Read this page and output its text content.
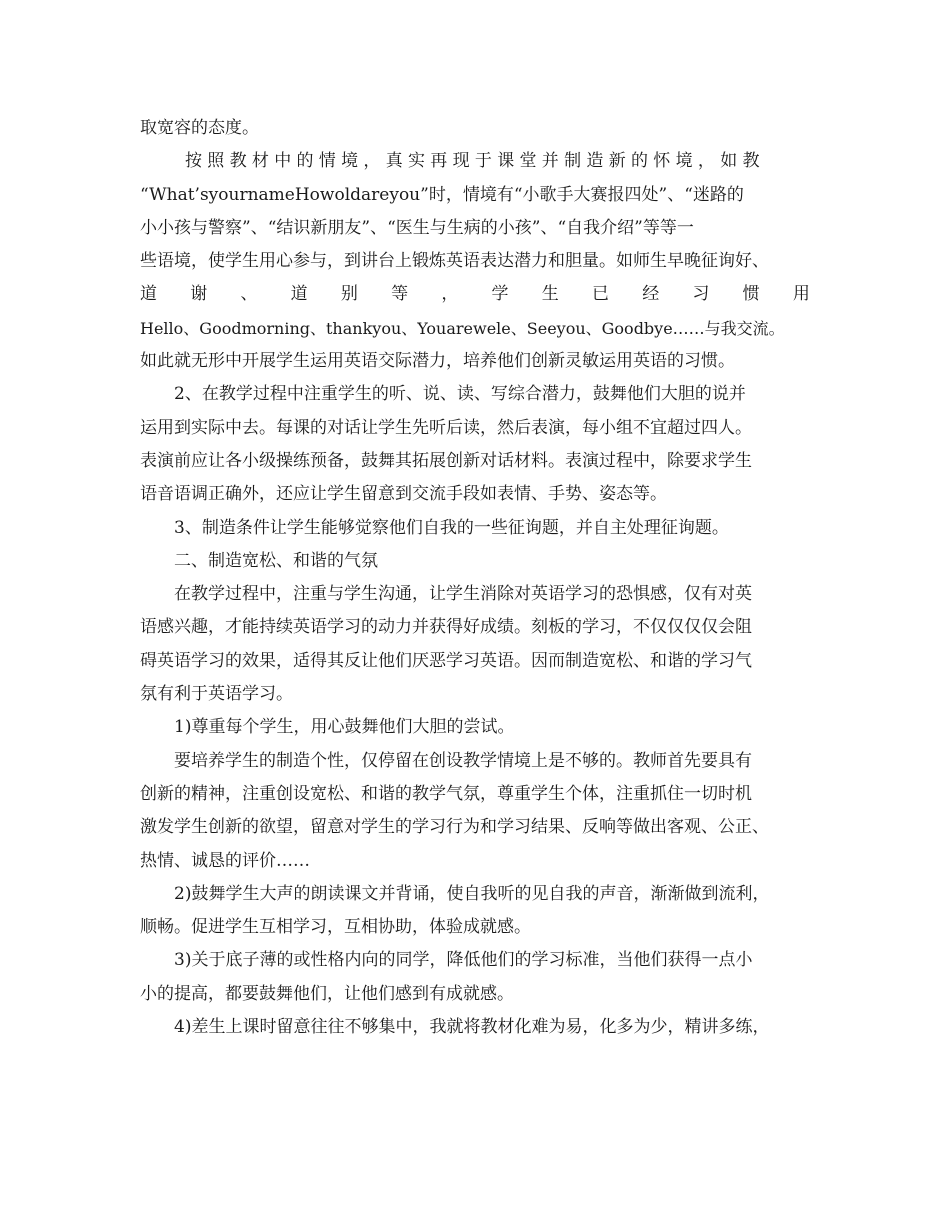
取宽容的态度。
按照教材中的情境，真实再现于课堂并制造新的怀境，如教
“What’syournameHowoldareyou”时，情境有“小歌手大赛报四处”、“迷路的
小小孩与警察”、“结识新朋友”、“医生与生病的小孩”、“自我介绍”等等一
些语境，使学生用心参与，到讲台上锻炼英语表达潜力和胆量。如师生早晚征询好、
道 谢 、 道 别 等 ， 学 生 已 经 习 惯 用
Hello、Goodmorning、thankyou、Youarewele、Seeyou、Goodbye……与我交流。
如此就无形中开展学生运用英语交际潜力，培养他们创新灵敏运用英语的习惯。
2、在教学过程中注重学生的听、说、读、写综合潜力，鼓舞他们大胆的说并
运用到实际中去。每课的对话让学生先听后读，然后表演，每小组不宜超过四人。
表演前应让各小级操练预备，鼓舞其拓展创新对话材料。表演过程中，除要求学生
语音语调正确外，还应让学生留意到交流手段如表情、手势、姿态等。
3、制造条件让学生能够觉察他们自我的一些征询题，并自主处理征询题。
二、制造宽松、和谐的气氛
在教学过程中，注重与学生沟通，让学生消除对英语学习的恐惧感，仅有对英
语感兴趣，才能持续英语学习的动力并获得好成绩。刻板的学习，不仅仅仅仅会阻
碍英语学习的效果，适得其反让他们厌恶学习英语。因而制造宽松、和谐的学习气
氛有利于英语学习。
1)尊重每个学生，用心鼓舞他们大胆的尝试。
要培养学生的制造个性，仅停留在创设教学情境上是不够的。教师首先要具有
创新的精神，注重创设宽松、和谐的教学气氛，尊重学生个体，注重抓住一切时机
激发学生创新的欲望，留意对学生的学习行为和学习结果、反响等做出客观、公正、
热情、诚恳的评价……
2)鼓舞学生大声的朗读课文并背诵，使自我听的见自我的声音，渐渐做到流利，
顺畅。促进学生互相学习，互相协助，体验成就感。
3)关于底子薄的或性格内向的同学，降低他们的学习标准，当他们获得一点小
小的提高，都要鼓舞他们，让他们感到有成就感。
4)差生上课时留意往往不够集中，我就将教材化难为易，化多为少，精讲多练，
